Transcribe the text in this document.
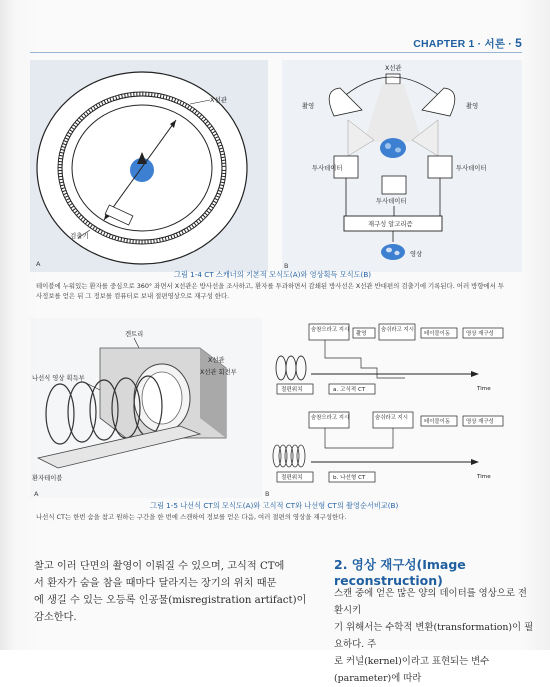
CHAPTER 1 · 서론 · 5
X선관
검출기
A
X선관
촬영	촬영
투사데이터	투사데이터
투사데이터
재구성 알고리즘
영상
B
그림 1-4 CT 스캐너의 기본적 모식도(A)와 영상획득 모식도(B)
테이블에 누워있는 환자를 중심으로 360° 좌면서 X선관은 방사선을 조사하고, 환자를 투과하면서 감쇄된 방사선은 X선관 반대편의 검출기에 기록된다. 어러 방향에서 투
사정보를 얻은 뒤 그 정보를 컴퓨터로 보내 절편영상으로 재구성 한다.
겐트리
나선식 영상 획득부
X선관
X선관 회전부
환자테이블
A
숨참으라고 지시
촬영
숨쉬라고 지시
테이블이동	영상 재구성
Time
절편위치	a. 고식적 CT
숨참으라고 지시	숨쉬라고 지시
테이블이동	영상 재구성
Time
절편위치	b. 나선형 CT
B
그림 1-5 나선식 CT의 모식도(A)와 고식적 CT와 나선형 CT의 촬영순서비교(B)
나선식 CT는 한번 숨을 참고 원하는 구간을 한 번에 스캔하여 정보를 얻은 다음, 여러 절편의 영상을 재구성한다.
찰고 이러 단면의 촬영이 이뤄질 수 있으며, 고식적 CT에
서 환자가 숨을 참을 때마다 달라지는 장기의 위치 때문
에 생길 수 있는 오등록 인공물(misregistration artifact)이
감소한다.
2. 영상 재구성(Image reconstruction)
스캔 중에 얻은 많은 양의 데이터를 영상으로 전환시키
기 위해서는 수학적 변환(transformation)이 필요하다. 주
로 커널(kernel)이라고 표현되는 변수(parameter)에 따라
